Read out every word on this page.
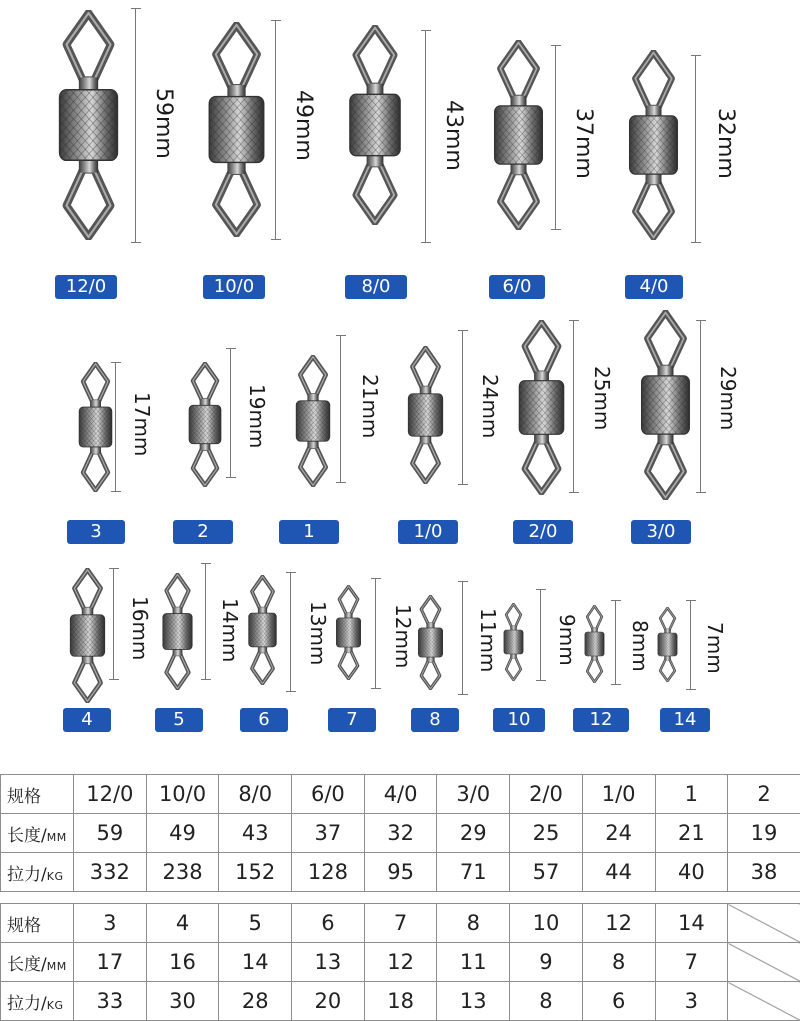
59mm
12/0
49mm
10/0
43mm
8/0
37mm
6/0
32mm
4/0
17mm
3
19mm
2
21mm
1
24mm
1/0
25mm
2/0
29mm
3/0
16mm
4
14mm
5
13mm
6
12mm
7
11mm
8
9mm
10
8mm
12
7mm
14
规格	12/0	10/0	8/0	6/0	4/0	3/0	2/0	1/0	1	2
长度/MM	59	49	43	37	32	29	25	24	21	19
拉力/KG	332	238	152	128	95	71	57	44	40	38
规格	3	4	5	6	7	8	10	12	14	
长度/MM	17	16	14	13	12	11	9	8	7	
拉力/KG	33	30	28	20	18	13	8	6	3	
